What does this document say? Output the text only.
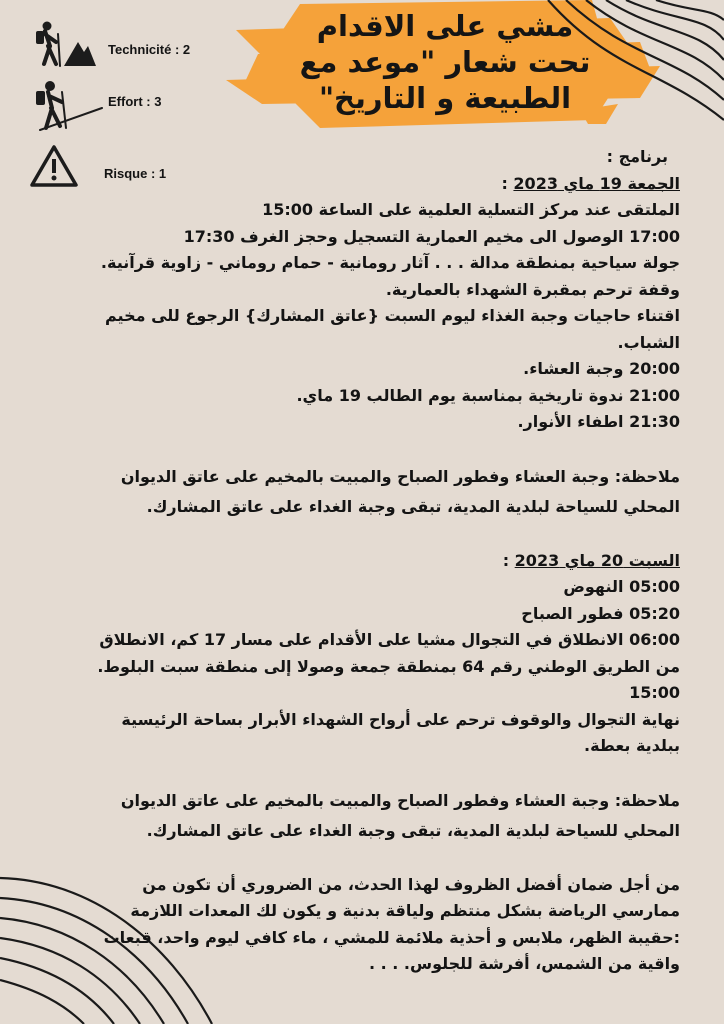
مشي على الاقدام
تحت شعار "موعد مع
الطبيعة و التاريخ"
Technicité : 2
Effort : 3
Risque : 1

برنامج :

الجمعة 19 ماي 2023 :

الملتقى عند مركز التسلية العلمية على الساعة 15:00

17:00 الوصول الى مخيم العمارية التسجيل وحجز الغرف 17:30

جولة سياحية بمنطقة مدالة . . . آثار رومانية - حمام روماني - زاوية قرآنية. وقفة ترحم بمقبرة الشهداء بالعمارية.

اقتناء حاجيات وجبة الغذاء ليوم السبت {عاتق المشارك} الرجوع للى مخيم الشباب.

20:00 وجبة العشاء.

21:00 ندوة تاريخية بمناسبة يوم الطالب 19 ماي.

21:30 اطفاء الأنوار.

ملاحظة: وجبة العشاء وفطور الصباح والمبيت بالمخيم على عاتق الديوان المحلي للسياحة لبلدية المدية، تبقى وجبة الغداء على عاتق المشارك.

السبت 20 ماي 2023 :

05:00 النهوض

05:20 فطور الصباح

06:00 الانطلاق في التجوال مشيا على الأقدام على مسار 17 كم، الانطلاق من الطريق الوطني رقم 64 بمنطقة جمعة وصولا إلى منطقة سبت البلوط. 15:00

نهاية التجوال والوقوف ترحم على أرواح الشهداء الأبرار بساحة الرئيسية ببلدية بعطة.

ملاحظة: وجبة العشاء وفطور الصباح والمبيت بالمخيم على عاتق الديوان المحلي للسياحة لبلدية المدية، تبقى وجبة الغداء على عاتق المشارك.

من أجل ضمان أفضل الظروف لهذا الحدث، من الضروري أن تكون من ممارسي الرياضة بشكل منتظم ولياقة بدنية و يكون لك المعدات اللازمة :حقيبة الظهر، ملابس و أحذية ملائمة للمشي ، ماء كافي ليوم واحد، قبعات واقية من الشمس، أفرشة للجلوس. . . .
